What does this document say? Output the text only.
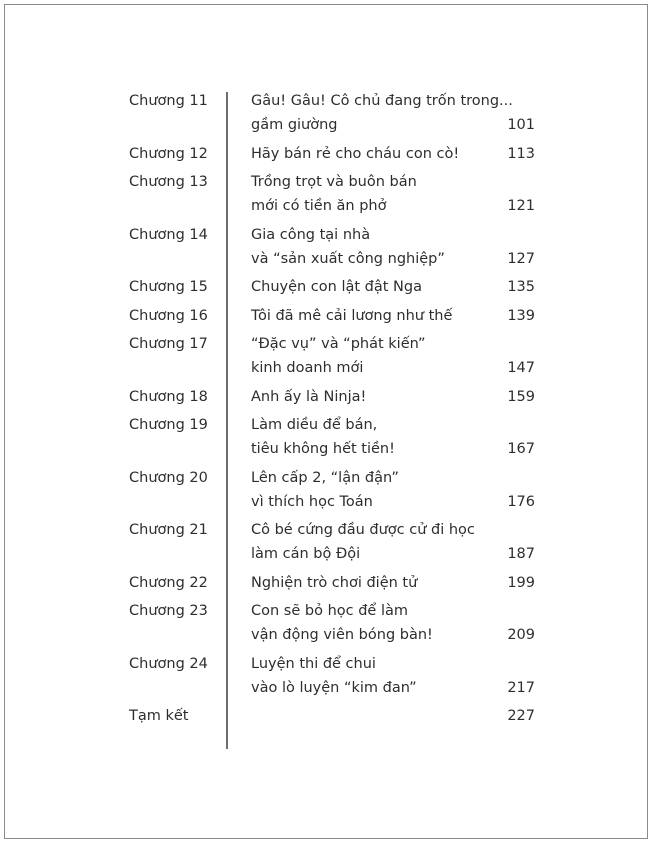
Chương 11	Gâu! Gâu! Cô chủ đang trốn trong...
gầm giường	101
Chương 12	Hãy bán rẻ cho cháu con cò!	113
Chương 13	Trồng trọt và buôn bán
mới có tiền ăn phở	121
Chương 14	Gia công tại nhà
và “sản xuất công nghiệp”	127
Chương 15	Chuyện con lật đật Nga	135
Chương 16	Tôi đã mê cải lương như thế	139
Chương 17	“Đặc vụ” và “phát kiến”
kinh doanh mới	147
Chương 18	Anh ấy là Ninja!	159
Chương 19	Làm diều để bán,
tiêu không hết tiền!	167
Chương 20	Lên cấp 2, “lận đận”
vì thích học Toán	176
Chương 21	Cô bé cứng đầu được cử đi học
làm cán bộ Đội	187
Chương 22	Nghiện trò chơi điện tử	199
Chương 23	Con sẽ bỏ học để làm
vận động viên bóng bàn!	209
Chương 24	Luyện thi để chui
vào lò luyện “kim đan”	217
Tạm kết	227
